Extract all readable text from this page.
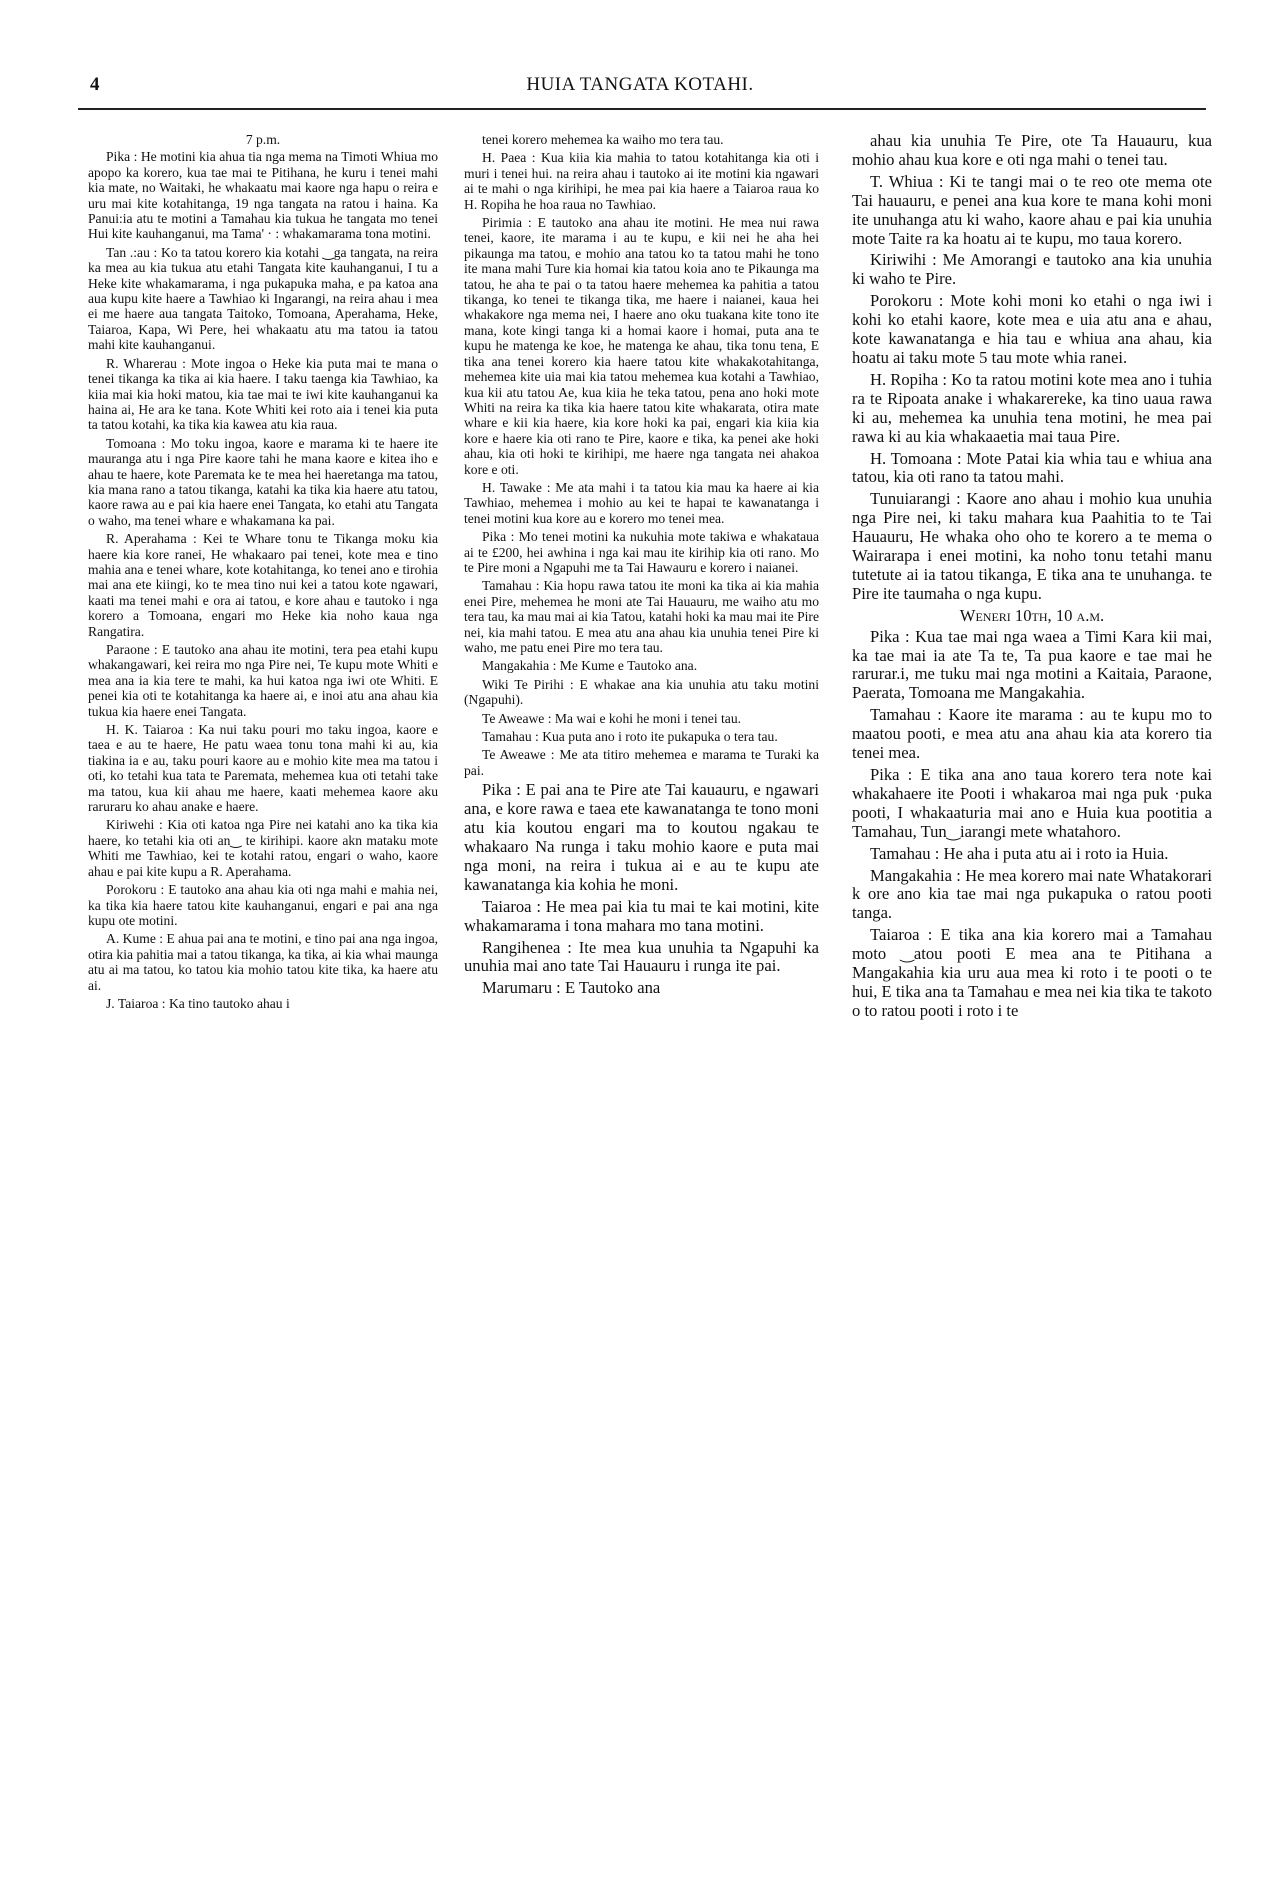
4	HUIA TANGATA KOTAHI.

7 p.m.

Pika : He motini kia ahua tia nga mema na Timoti Whiua mo apopo ka korero, kua tae mai te Pitihana, he kuru i tenei mahi kia mate, no Waitaki, he whakaatu mai kaore nga hapu o reira e uru mai kite kotahitanga, 19 nga tangata na ratou i haina. Ka Panui:ia atu te motini a Tamahau kia tukua he tangata mo tenei Hui kite kauhanganui, ma Tama' · : whakamarama tona motini.

Tan .:au : Ko ta tatou korero kia kotahi ‿ga tangata, na reira ka mea au kia tukua atu etahi Tangata kite kauhanganui, I tu a Heke kite whakamarama, i nga pukapuka maha, e pa katoa ana aua kupu kite haere a Tawhiao ki Ingarangi, na reira ahau i mea ei me haere aua tangata Taitoko, Tomoana, Aperahama, Heke, Taiaroa, Kapa, Wi Pere, hei whakaatu atu ma tatou ia tatou mahi kite kauhanganui.

R. Wharerau : Mote ingoa o Heke kia puta mai te mana o tenei tikanga ka tika ai kia haere. I taku taenga kia Tawhiao, ka kiia mai kia hoki matou, kia tae mai te iwi kite kauhanganui ka haina ai, He ara ke tana. Kote Whiti kei roto aia i tenei kia puta ta tatou kotahi, ka tika kia kawea atu kia raua.

Tomoana : Mo toku ingoa, kaore e marama ki te haere ite mauranga atu i nga Pire kaore tahi he mana kaore e kitea iho e ahau te haere, kote Paremata ke te mea hei haeretanga ma tatou, kia mana rano a tatou tikanga, katahi ka tika kia haere atu tatou, kaore rawa au e pai kia haere enei Tangata, ko etahi atu Tangata o waho, ma tenei whare e whakamana ka pai.

R. Aperahama : Kei te Whare tonu te Tikanga moku kia haere kia kore ranei, He whakaaro pai tenei, kote mea e tino mahia ana e tenei whare, kote kotahitanga, ko tenei ano e tirohia mai ana ete kiingi, ko te mea tino nui kei a tatou kote ngawari, kaati ma tenei mahi e ora ai tatou, e kore ahau e tautoko i nga korero a Tomoana, engari mo Heke kia noho kaua nga Rangatira.

Paraone : E tautoko ana ahau ite motini, tera pea etahi kupu whakangawari, kei reira mo nga Pire nei, Te kupu mote Whiti e mea ana ia kia tere te mahi, ka hui katoa nga iwi ote Whiti. E penei kia oti te kotahitanga ka haere ai, e inoi atu ana ahau kia tukua kia haere enei Tangata.

H. K. Taiaroa : Ka nui taku pouri mo taku ingoa, kaore e taea e au te haere, He patu waea tonu tona mahi ki au, kia tiakina ia e au, taku pouri kaore au e mohio kite mea ma tatou i oti, ko tetahi kua tata te Paremata, mehemea kua oti tetahi take ma tatou, kua kii ahau me haere, kaati mehemea kaore aku raruraru ko ahau anake e haere.

Kiriwehi : Kia oti katoa nga Pire nei katahi ano ka tika kia haere, ko tetahi kia oti an‿ te kirihipi. kaore akn mataku mote Whiti me Tawhiao, kei te kotahi ratou, engari o waho, kaore ahau e pai kite kupu a R. Aperahama.

Porokoru : E tautoko ana ahau kia oti nga mahi e mahia nei, ka tika kia haere tatou kite kauhanganui, engari e pai ana nga kupu ote motini.

A. Kume : E ahua pai ana te motini, e tino pai ana nga ingoa, otira kia pahitia mai a tatou tikanga, ka tika, ai kia whai maunga atu ai ma tatou, ko tatou kia mohio tatou kite tika, ka haere atu ai.

J. Taiaroa : Ka tino tautoko ahau i

tenei korero mehemea ka waiho mo tera tau.

H. Paea : Kua kiia kia mahia to tatou kotahitanga kia oti i muri i tenei hui. na reira ahau i tautoko ai ite motini kia ngawari ai te mahi o nga kirihipi, he mea pai kia haere a Taiaroa raua ko H. Ropiha he hoa raua no Tawhiao.

Pirimia : E tautoko ana ahau ite motini. He mea nui rawa tenei, kaore, ite marama i au te kupu, e kii nei he aha hei pikaunga ma tatou, e mohio ana tatou ko ta tatou mahi he tono ite mana mahi Ture kia homai kia tatou koia ano te Pikaunga ma tatou, he aha te pai o ta tatou haere mehemea ka pahitia a tatou tikanga, ko tenei te tikanga tika, me haere i naianei, kaua hei whakakore nga mema nei, I haere ano oku tuakana kite tono ite mana, kote kingi tanga ki a homai kaore i homai, puta ana te kupu he matenga ke koe, he matenga ke ahau, tika tonu tena, E tika ana tenei korero kia haere tatou kite whakakotahitanga, mehemea kite uia mai kia tatou mehemea kua kotahi a Tawhiao, kua kii atu tatou Ae, kua kiia he teka tatou, pena ano hoki mote Whiti na reira ka tika kia haere tatou kite whakarata, otira mate whare e kii kia haere, kia kore hoki ka pai, engari kia kiia kia kore e haere kia oti rano te Pire, kaore e tika, ka penei ake hoki ahau, kia oti hoki te kirihipi, me haere nga tangata nei ahakoa kore e oti.

H. Tawake : Me ata mahi i ta tatou kia mau ka haere ai kia Tawhiao, mehemea i mohio au kei te hapai te kawanatanga i tenei motini kua kore au e korero mo tenei mea.

Pika : Mo tenei motini ka nukuhia mote takiwa e whakataua ai te £200, hei awhina i nga kai mau ite kirihip kia oti rano. Mo te Pire moni a Ngapuhi me ta Tai Hawauru e korero i naianei.

Tamahau : Kia hopu rawa tatou ite moni ka tika ai kia mahia enei Pire, mehemea he moni ate Tai Hauauru, me waiho atu mo tera tau, ka mau mai ai kia Tatou, katahi hoki ka mau mai ite Pire nei, kia mahi tatou. E mea atu ana ahau kia unuhia tenei Pire ki waho, me patu enei Pire mo tera tau.

Mangakahia : Me Kume e Tautoko ana.

Wiki Te Pirihi : E whakae ana kia unuhia atu taku motini (Ngapuhi).

Te Aweawe : Ma wai e kohi he moni i tenei tau.

Tamahau : Kua puta ano i roto ite pukapuka o tera tau.

Te Aweawe : Me ata titiro mehemea e marama te Turaki ka pai.

Pika : E pai ana te Pire ate Tai kauauru, e ngawari ana, e kore rawa e taea ete kawanatanga te tono moni atu kia koutou engari ma to koutou ngakau te whakaaro Na runga i taku mohio kaore e puta mai nga moni, na reira i tukua ai e au te kupu ate kawanatanga kia kohia he moni.

Taiaroa : He mea pai kia tu mai te kai motini, kite whakamarama i tona mahara mo tana motini.

Rangihenea : Ite mea kua unuhia ta Ngapuhi ka unuhia mai ano tate Tai Hauauru i runga ite pai.

Marumaru : E Tautoko ana

ahau kia unuhia Te Pire, ote Ta Hauauru, kua mohio ahau kua kore e oti nga mahi o tenei tau.

T. Whiua : Ki te tangi mai o te reo ote mema ote Tai hauauru, e penei ana kua kore te mana kohi moni ite unuhanga atu ki waho, kaore ahau e pai kia unuhia mote Taite ra ka hoatu ai te kupu, mo taua korero.

Kiriwihi : Me Amorangi e tautoko ana kia unuhia ki waho te Pire.

Porokoru : Mote kohi moni ko etahi o nga iwi i kohi ko etahi kaore, kote mea e uia atu ana e ahau, kote kawanatanga e hia tau e whiua ana ahau, kia hoatu ai taku mote 5 tau mote whia ranei.

H. Ropiha : Ko ta ratou motini kote mea ano i tuhia ra te Ripoata anake i whakarereke, ka tino uaua rawa ki au, mehemea ka unuhia tena motini, he mea pai rawa ki au kia whakaaetia mai taua Pire.

H. Tomoana : Mote Patai kia whia tau e whiua ana tatou, kia oti rano ta tatou mahi.

Tunuiarangi : Kaore ano ahau i mohio kua unuhia nga Pire nei, ki taku mahara kua Paahitia to te Tai Hauauru, He whaka oho oho te korero a te mema o Wairarapa i enei motini, ka noho tonu tetahi manu tutetute ai ia tatou tikanga, E tika ana te unuhanga. te Pire ite taumaha o nga kupu.

Weneri 10th, 10 a.m.

Pika : Kua tae mai nga waea a Timi Kara kii mai, ka tae mai ia ate Ta te, Ta pua kaore e tae mai he rarurar.i, me tuku mai nga motini a Kaitaia, Paraone, Paerata, Tomoana me Mangakahia.

Tamahau : Kaore ite marama : au te kupu mo to maatou pooti, e mea atu ana ahau kia ata korero tia tenei mea.

Pika : E tika ana ano taua korero tera note kai whakahaere ite Pooti i whakaroa mai nga puk ·puka pooti, I whakaaturia mai ano e Huia kua pootitia a Tamahau, Tun‿iarangi mete whatahoro.

Tamahau : He aha i puta atu ai i roto ia Huia.

Mangakahia : He mea korero mai nate Whatakorari k ore ano kia tae mai nga pukapuka o ratou pooti tanga.

Taiaroa : E tika ana kia korero mai a Tamahau moto ‿atou pooti E mea ana te Pitihana a Mangakahia kia uru aua mea ki roto i te pooti o te hui, E tika ana ta Tamahau e mea nei kia tika te takoto o to ratou pooti i roto i te
